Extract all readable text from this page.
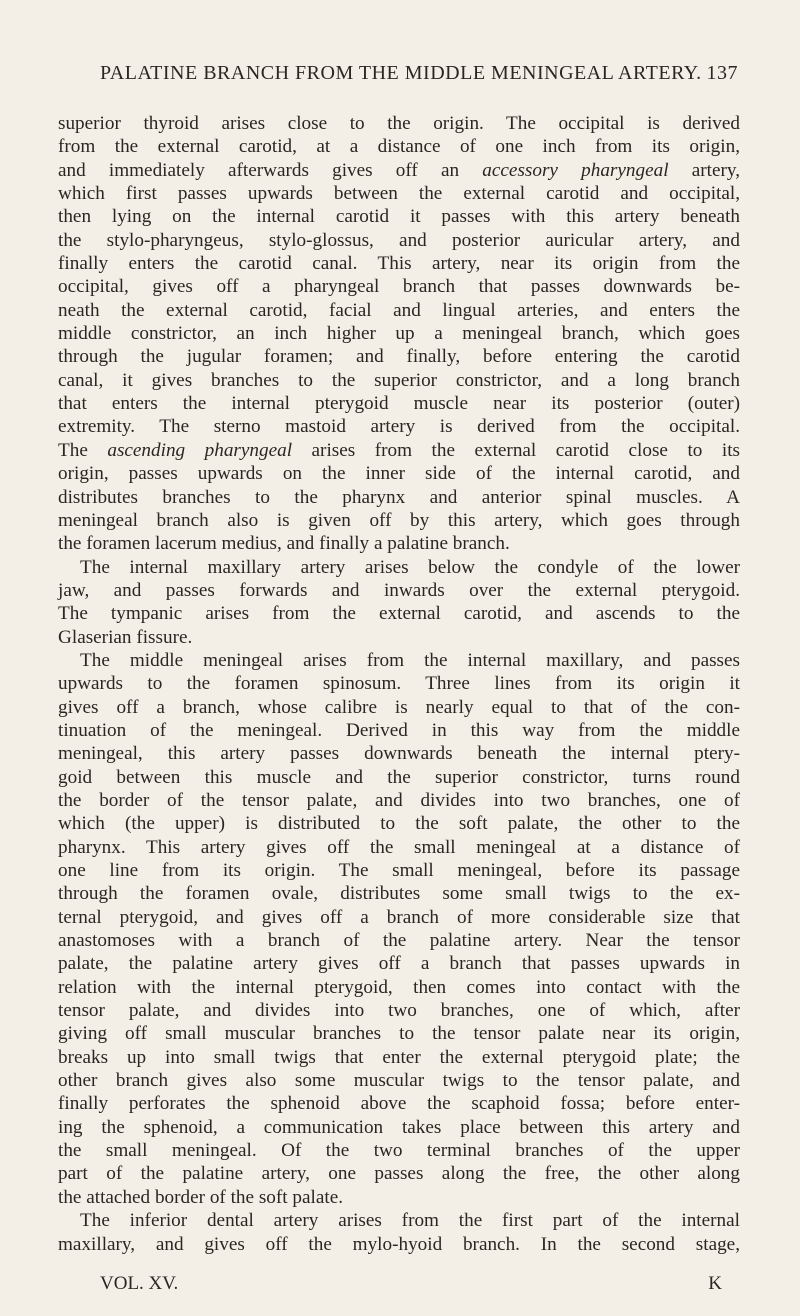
PALATINE BRANCH FROM THE MIDDLE MENINGEAL ARTERY. 137
superior thyroid arises close to the origin. The occipital is derived
from the external carotid, at a distance of one inch from its origin,
and immediately afterwards gives off an accessory pharyngeal artery,
which first passes upwards between the external carotid and occipital,
then lying on the internal carotid it passes with this artery beneath
the stylo-pharyngeus, stylo-glossus, and posterior auricular artery, and
finally enters the carotid canal. This artery, near its origin from the
occipital, gives off a pharyngeal branch that passes downwards be-
neath the external carotid, facial and lingual arteries, and enters the
middle constrictor, an inch higher up a meningeal branch, which goes
through the jugular foramen; and finally, before entering the carotid
canal, it gives branches to the superior constrictor, and a long branch
that enters the internal pterygoid muscle near its posterior (outer)
extremity. The sterno mastoid artery is derived from the occipital.
The ascending pharyngeal arises from the external carotid close to its
origin, passes upwards on the inner side of the internal carotid, and
distributes branches to the pharynx and anterior spinal muscles. A
meningeal branch also is given off by this artery, which goes through
the foramen lacerum medius, and finally a palatine branch.
The internal maxillary artery arises below the condyle of the lower
jaw, and passes forwards and inwards over the external pterygoid.
The tympanic arises from the external carotid, and ascends to the
Glaserian fissure.
The middle meningeal arises from the internal maxillary, and passes
upwards to the foramen spinosum. Three lines from its origin it
gives off a branch, whose calibre is nearly equal to that of the con-
tinuation of the meningeal. Derived in this way from the middle
meningeal, this artery passes downwards beneath the internal ptery-
goid between this muscle and the superior constrictor, turns round
the border of the tensor palate, and divides into two branches, one of
which (the upper) is distributed to the soft palate, the other to the
pharynx. This artery gives off the small meningeal at a distance of
one line from its origin. The small meningeal, before its passage
through the foramen ovale, distributes some small twigs to the ex-
ternal pterygoid, and gives off a branch of more considerable size that
anastomoses with a branch of the palatine artery. Near the tensor
palate, the palatine artery gives off a branch that passes upwards in
relation with the internal pterygoid, then comes into contact with the
tensor palate, and divides into two branches, one of which, after
giving off small muscular branches to the tensor palate near its origin,
breaks up into small twigs that enter the external pterygoid plate; the
other branch gives also some muscular twigs to the tensor palate, and
finally perforates the sphenoid above the scaphoid fossa; before enter-
ing the sphenoid, a communication takes place between this artery and
the small meningeal. Of the two terminal branches of the upper
part of the palatine artery, one passes along the free, the other along
the attached border of the soft palate.
The inferior dental artery arises from the first part of the internal
maxillary, and gives off the mylo-hyoid branch. In the second stage,
VOL. XV.	K
